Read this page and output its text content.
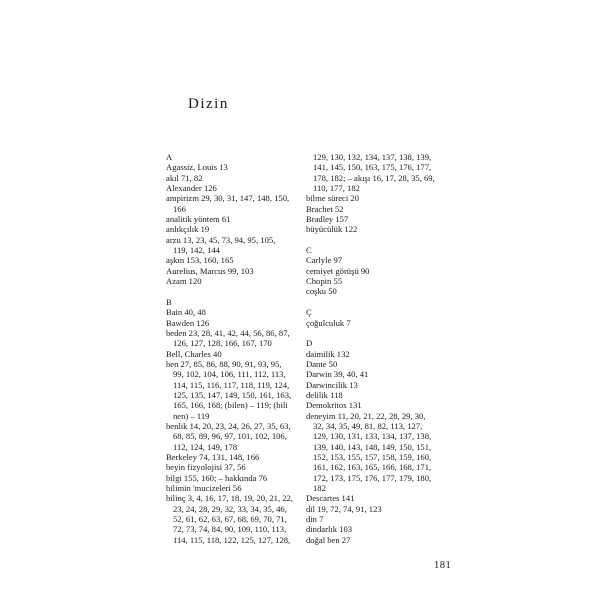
Dizin
A
Agassiz, Louis 13
akıl 71, 82
Alexander 126
ampirizm 29, 30, 31, 147, 148, 150,
166
analitik yöntem 61
anlıkçılık 19
arzu 13, 23, 45, 73, 94, 95, 105,
119, 142, 144
aşkın 153, 160, 165
Aurelius, Marcus 99, 103
Azam 120
B
Bain 40, 48
Bawden 126
beden 23, 28, 41, 42, 44, 56, 86, 87,
126, 127, 128, 166, 167, 170
Bell, Charles 40
ben 27, 85, 86, 88, 90, 91, 93, 95,
99, 102, 104, 106, 111, 112, 113,
114, 115, 116, 117, 118, 119, 124,
125, 135, 147, 149, 150, 161, 163,
165, 166, 168; (bilen) – 119; (bili
nen) – 119
benlik 14, 20, 23, 24, 26, 27, 35, 63,
68, 85, 89, 96, 97, 101, 102, 106,
112, 124, 149, 178
Berkeley 74, 131, 148, 166
beyin fizyolojisi 37, 56
bilgi 155, 160; – hakkında 76
bilimin 'mucizeleri 56
bilinç 3, 4, 16, 17, 18, 19, 20, 21, 22,
23, 24, 28, 29, 32, 33, 34, 35, 46,
52, 61, 62, 63, 67, 68, 69, 70, 71,
72, 73, 74, 84, 90, 109, 110, 113,
114, 115, 118, 122, 125, 127, 128,
129, 130, 132, 134, 137, 138, 139,
141, 145, 150, 163, 175, 176, 177,
178, 182; – akışı 16, 17, 28, 35, 69,
110, 177, 182
bilme süreci 20
Brachet 52
Bradley 157
büyücülük 122
C
Carlyle 97
cemiyet görüşü 90
Chopin 55
coşku 50
Ç
çoğulculuk 7
D
daimilik 132
Dante 50
Darwin 39, 40, 41
Darwincilik 13
delilik 118
Demokritos 131
deneyim 11, 20, 21, 22, 28, 29, 30,
32, 34, 35, 49, 81, 82, 113, 127,
129, 130, 131, 133, 134, 137, 138,
139, 140, 143, 148, 149, 150, 151,
152, 153, 155, 157, 158, 159, 160,
161, 162, 163, 165, 166, 168, 171,
172, 173, 175, 176, 177, 179, 180,
182
Descartes 141
dil 19, 72, 74, 91, 123
din 7
dindarlık 103
doğal ben 27
181
